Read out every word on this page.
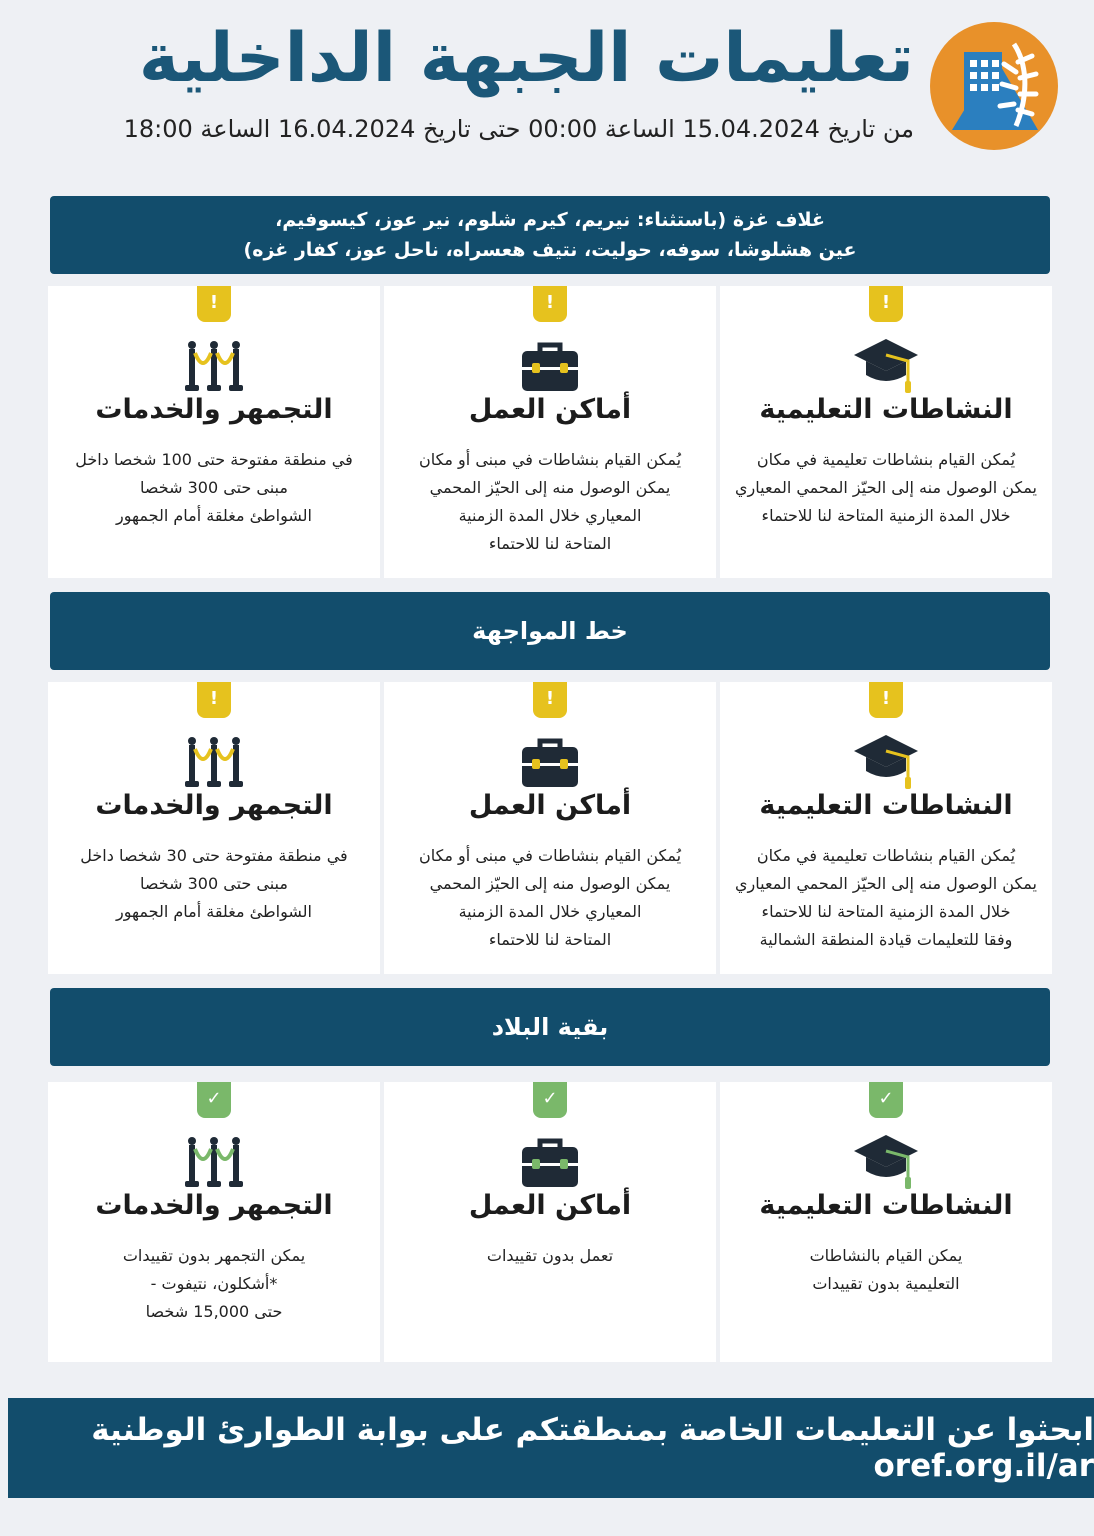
تعليمات الجبهة الداخلية
من تاريخ 15.04.2024 الساعة 00:00 حتى تاريخ 16.04.2024 الساعة 18:00
غلاف غزة (باستثناء: نيريم، كيرم شلوم، نير عوز، كيسوفيم،
عين هشلوشا، سوفه، حوليت، نتيف هعسراه، ناحل عوز، كفار غزه)
!
التجمهر والخدمات
في منطقة مفتوحة حتى 100 شخصا داخل
مبنى حتى 300 شخصا
الشواطئ مغلقة أمام الجمهور
!
أماكن العمل
يُمكن القيام بنشاطات في مبنى أو مكان
يمكن الوصول منه إلى الحيّز المحمي
المعياري خلال المدة الزمنية
المتاحة لنا للاحتماء
!
النشاطات التعليمية
يُمكن القيام بنشاطات تعليمية في مكان
يمكن الوصول منه إلى الحيّز المحمي المعياري
خلال المدة الزمنية المتاحة لنا للاحتماء
خط المواجهة
!
التجمهر والخدمات
في منطقة مفتوحة حتى 30 شخصا داخل
مبنى حتى 300 شخصا
الشواطئ مغلقة أمام الجمهور
!
أماكن العمل
يُمكن القيام بنشاطات في مبنى أو مكان
يمكن الوصول منه إلى الحيّز المحمي
المعياري خلال المدة الزمنية
المتاحة لنا للاحتماء
!
النشاطات التعليمية
يُمكن القيام بنشاطات تعليمية في مكان
يمكن الوصول منه إلى الحيّز المحمي المعياري
خلال المدة الزمنية المتاحة لنا للاحتماء
وفقا للتعليمات قيادة المنطقة الشمالية
بقية البلاد
✓
التجمهر والخدمات
يمكن التجمهر بدون تقييدات
*أشكلون، نتيفوت -
حتى 15,000 شخصا
✓
أماكن العمل
تعمل بدون تقييدات
✓
النشاطات التعليمية
يمكن القيام بالنشاطات
التعليمية بدون تقييدات
ابحثوا عن التعليمات الخاصة بمنطقتكم على بوابة الطوارئ الوطنية oref.org.il/ar
